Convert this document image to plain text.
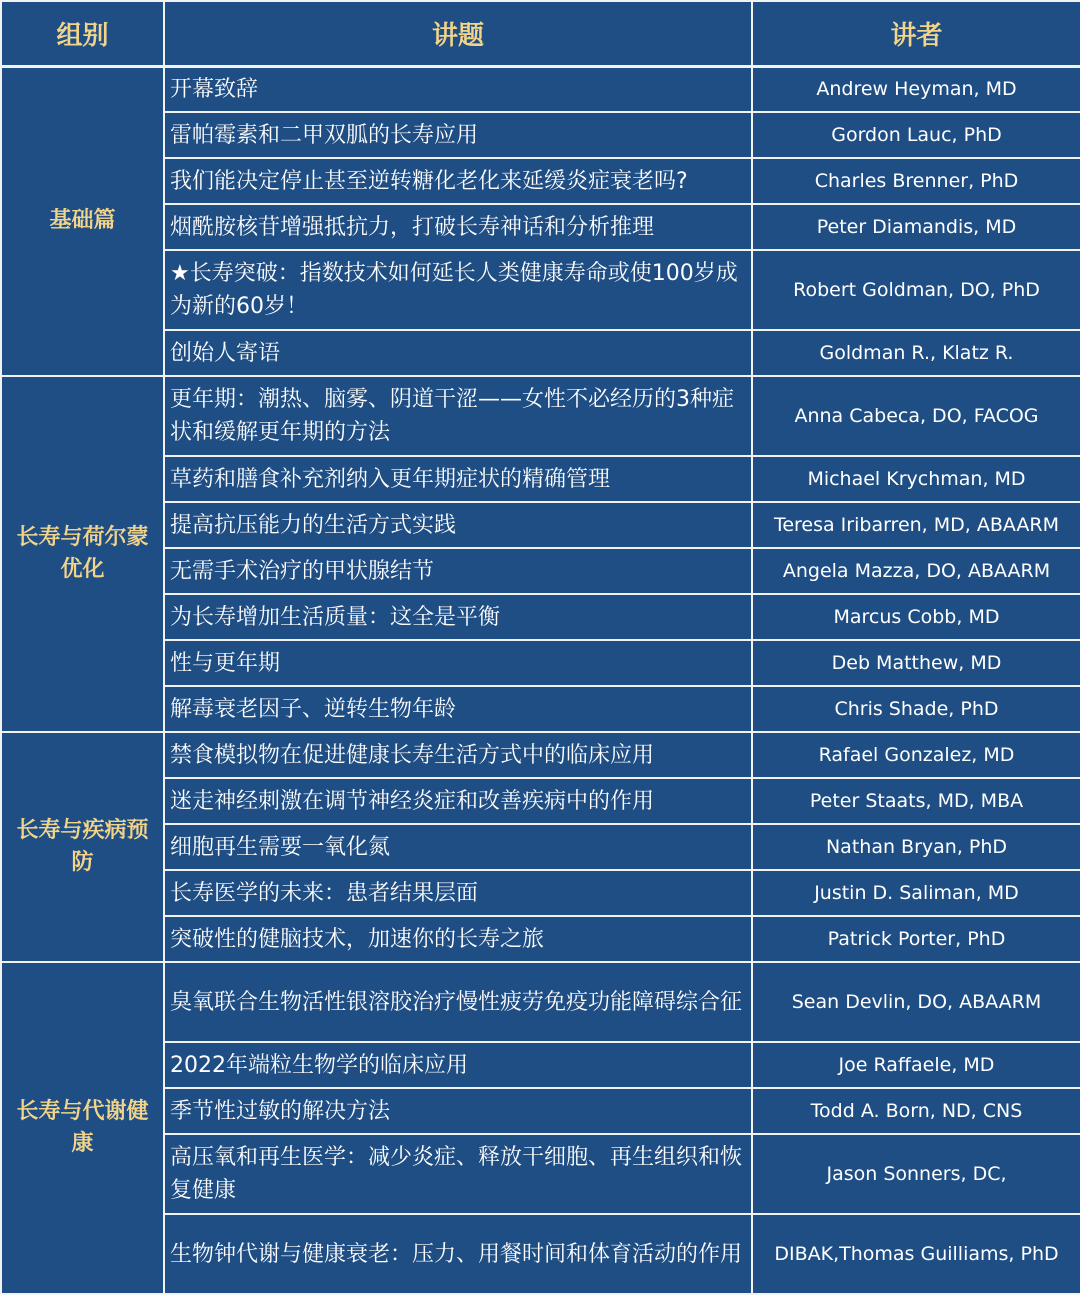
组别	讲题	讲者
基础篇	开幕致辞	Andrew Heyman, MD
	雷帕霉素和二甲双胍的长寿应用	Gordon Lauc, PhD
	我们能决定停止甚至逆转糖化老化来延缓炎症衰老吗?	Charles Brenner, PhD
	烟酰胺核苷增强抵抗力，打破长寿神话和分析推理	Peter Diamandis, MD
	★长寿突破：指数技术如何延长人类健康寿命或使100岁成为新的60岁！	Robert Goldman, DO, PhD
	创始人寄语	Goldman R., Klatz R.
长寿与荷尔蒙优化	更年期：潮热、脑雾、阴道干涩——女性不必经历的3种症状和缓解更年期的方法	Anna Cabeca, DO, FACOG
	草药和膳食补充剂纳入更年期症状的精确管理	Michael Krychman, MD
	提高抗压能力的生活方式实践	Teresa Iribarren, MD, ABAARM
	无需手术治疗的甲状腺结节	Angela Mazza, DO, ABAARM
	为长寿增加生活质量：这全是平衡	Marcus Cobb, MD
	性与更年期	Deb Matthew, MD
	解毒衰老因子、逆转生物年龄	Chris Shade, PhD
长寿与疾病预防	禁食模拟物在促进健康长寿生活方式中的临床应用	Rafael Gonzalez, MD
	迷走神经刺激在调节神经炎症和改善疾病中的作用	Peter Staats, MD, MBA
	细胞再生需要一氧化氮	Nathan Bryan, PhD
	长寿医学的未来：患者结果层面	Justin D. Saliman, MD
	突破性的健脑技术，加速你的长寿之旅	Patrick Porter, PhD
长寿与代谢健康	臭氧联合生物活性银溶胶治疗慢性疲劳免疫功能障碍综合征	Sean Devlin, DO, ABAARM
	2022年端粒生物学的临床应用	Joe Raffaele, MD
	季节性过敏的解决方法	Todd A. Born, ND, CNS
	高压氧和再生医学：减少炎症、释放干细胞、再生组织和恢复健康	Jason Sonners, DC,
	生物钟代谢与健康衰老：压力、用餐时间和体育活动的作用	DIBAK,Thomas Guilliams, PhD
